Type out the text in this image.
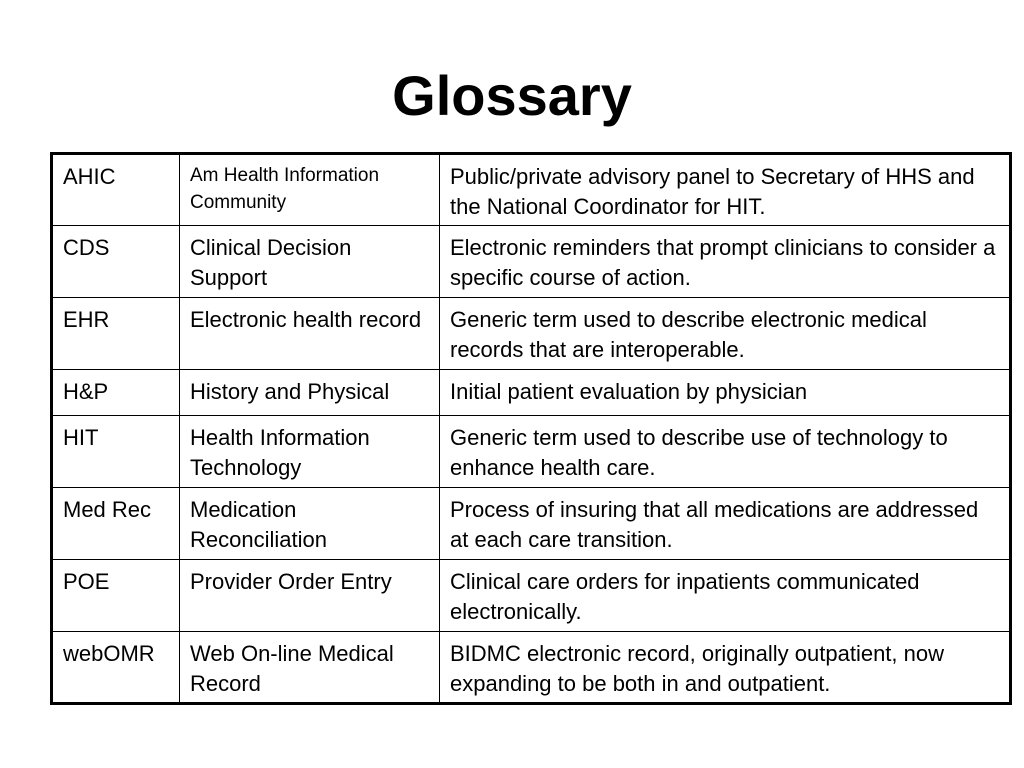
Glossary
AHIC	Am Health Information Community	Public/private advisory panel to Secretary of HHS and the National Coordinator for HIT.
CDS	Clinical Decision Support	Electronic reminders that prompt clinicians to consider a specific course of action.
EHR	Electronic health record	Generic term used to describe electronic medical records that are interoperable.
H&P	History and Physical	Initial patient evaluation by physician
HIT	Health Information Technology	Generic term used to describe use of technology to enhance health care.
Med Rec	Medication Reconciliation	Process of insuring that all medications are addressed at each care transition.
POE	Provider Order Entry	Clinical care orders for inpatients communicated electronically.
webOMR	Web On-line Medical Record	BIDMC electronic record, originally outpatient, now expanding to be both in and outpatient.
